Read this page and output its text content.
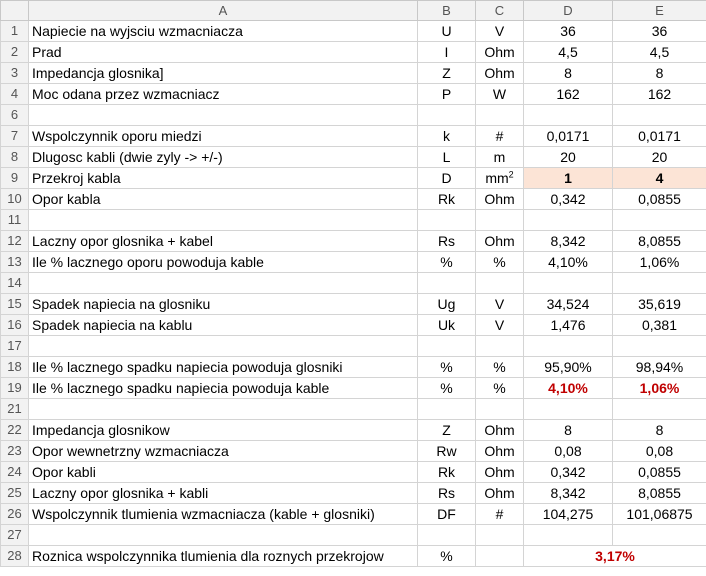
	A	B	C	D	E
1	Napiecie na wyjsciu wzmacniacza	U	V	36	36
2	Prad	I	Ohm	4,5	4,5
3	Impedancja glosnika]	Z	Ohm	8	8
4	Moc odana przez wzmacniacz	P	W	162	162
6					
7	Wspolczynnik oporu miedzi	k	#	0,0171	0,0171
8	Dlugosc kabli (dwie zyly -> +/-)	L	m	20	20
9	Przekroj kabla	D	$mm^2$	1	4
10	Opor kabla	Rk	Ohm	0,342	0,0855
11					
12	Laczny opor glosnika + kabel	Rs	Ohm	8,342	8,0855
13	Ile % lacznego oporu powoduja kable	%	%	4,10%	1,06%
14					
15	Spadek napiecia na glosniku	Ug	V	34,524	35,619
16	Spadek napiecia na kablu	Uk	V	1,476	0,381
17					
18	Ile % lacznego spadku napiecia powoduja glosniki	%	%	95,90%	98,94%
19	Ile % lacznego spadku napiecia powoduja kable	%	%	4,10%	1,06%
21					
22	Impedancja glosnikow	Z	Ohm	8	8
23	Opor wewnetrzny wzmacniacza	Rw	Ohm	0,08	0,08
24	Opor kabli	Rk	Ohm	0,342	0,0855
25	Laczny opor glosnika + kabli	Rs	Ohm	8,342	8,0855
26	Wspolczynnik tlumienia wzmacniacza (kable + glosniki)	DF	#	104,275	101,06875
27					
28	Roznica wspolczynnika tlumienia dla roznych przekrojow	%		3,17%	
